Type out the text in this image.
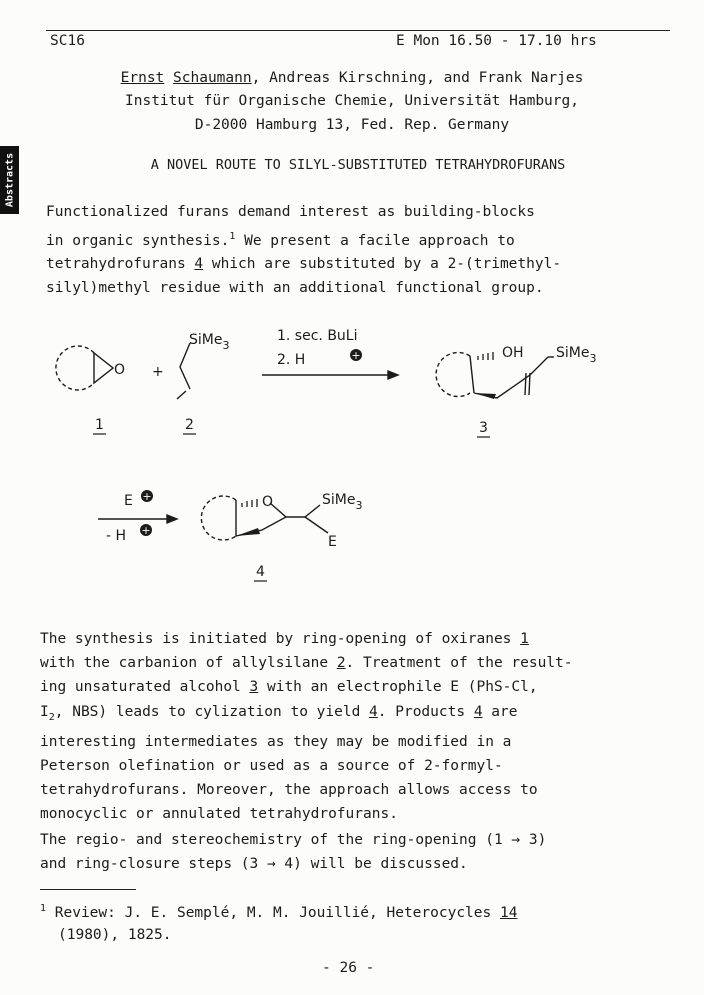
SC16	E Mon 16.50 - 17.10 hrs
Abstracts
Ernst Schaumann, Andreas Kirschning, and Frank Narjes
Institut für Organische Chemie, Universität Hamburg,
D-2000 Hamburg 13, Fed. Rep. Germany
A NOVEL ROUTE TO SILYL-SUBSTITUTED TETRAHYDROFURANS
Functionalized furans demand interest as building-blocks
in organic synthesis.$^1$ We present a facile approach to
tetrahydrofurans 4 which are substituted by a 2-(trimethyl-
silyl)methyl residue with an additional functional group.
+
+
+
O +
SiMe$_3$
1. sec. BuLi
2. H	OH SiMe$_3$
E
- H
O	SiMe$_3$
E
1	2	3
4
The synthesis is initiated by ring-opening of oxiranes 1
with the carbanion of allylsilane 2. Treatment of the result-
ing unsaturated alcohol 3 with an electrophile E (PhS-Cl,
$I_2$, NBS) leads to cylization to yield 4. Products 4 are
interesting intermediates as they may be modified in a
Peterson olefination or used as a source of 2-formyl-
tetrahydrofurans. Moreover, the approach allows access to
monocyclic or annulated tetrahydrofurans.
The regio- and stereochemistry of the ring-opening (1 → 3)
and ring-closure steps (3 → 4) will be discussed.
$^1$ Review: J. E. Semplé, M. M. Jouillié, Heterocycles 14
(1980), 1825.
- 26 -
